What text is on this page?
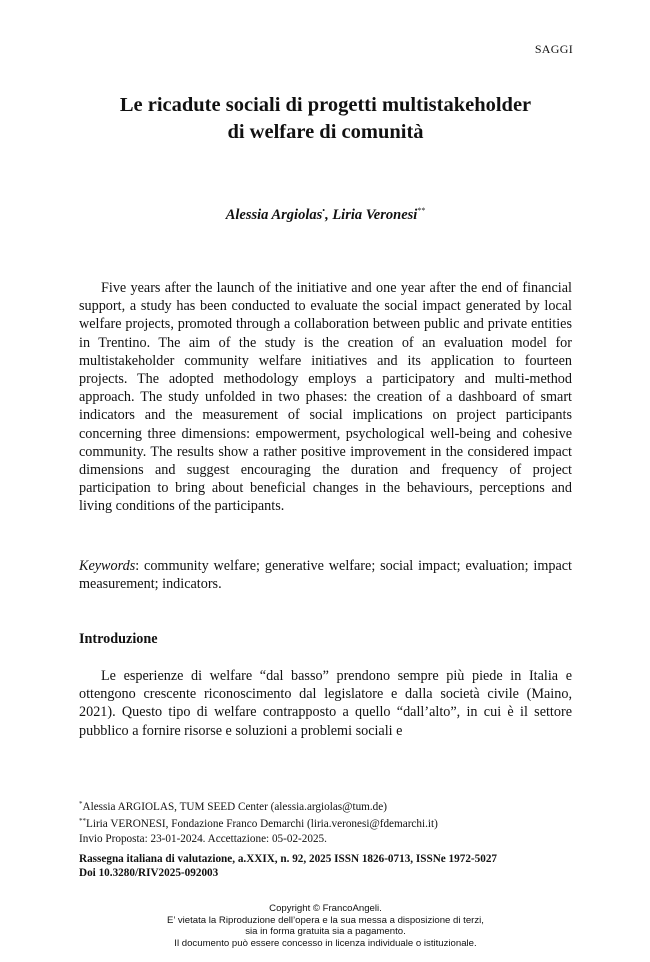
SAGGI
Le ricadute sociali di progetti multistakeholder
di welfare di comunità
Alessia Argiolas•, Liria Veronesi**

Five years after the launch of the initiative and one year after the end of financial support, a study has been conducted to evaluate the social impact generated by local welfare projects, promoted through a collaboration between public and private entities in Trentino. The aim of the study is the creation of an evaluation model for multistakeholder community welfare initiatives and its application to fourteen projects. The adopted methodology employs a participatory and multi-method approach. The study unfolded in two phases: the creation of a dashboard of smart indicators and the measurement of social implications on project participants concerning three dimensions: empowerment, psychological well-being and cohesive community. The results show a rather positive improvement in the considered impact dimensions and suggest encouraging the duration and frequency of project participation to bring about beneficial changes in the behaviours, perceptions and living conditions of the participants.

Keywords: community welfare; generative welfare; social impact; evaluation; impact measurement; indicators.

Introduzione

Le esperienze di welfare “dal basso” prendono sempre più piede in Italia e ottengono crescente riconoscimento dal legislatore e dalla società civile (Maino, 2021). Questo tipo di welfare contrapposto a quello “dall’alto”, in cui è il settore pubblico a fornire risorse e soluzioni a problemi sociali e

*Alessia ARGIOLAS, TUM SEED Center (alessia.argiolas@tum.de)
**Liria VERONESI, Fondazione Franco Demarchi (liria.veronesi@fdemarchi.it)
Invio Proposta: 23-01-2024. Accettazione: 05-02-2025.
Rassegna italiana di valutazione, a.XXIX, n. 92, 2025 ISSN 1826-0713, ISSNe 1972-5027
Doi 10.3280/RIV2025-092003
Copyright © FrancoAngeli.
E’ vietata la Riproduzione dell’opera e la sua messa a disposizione di terzi,
sia in forma gratuita sia a pagamento.
Il documento può essere concesso in licenza individuale o istituzionale.
